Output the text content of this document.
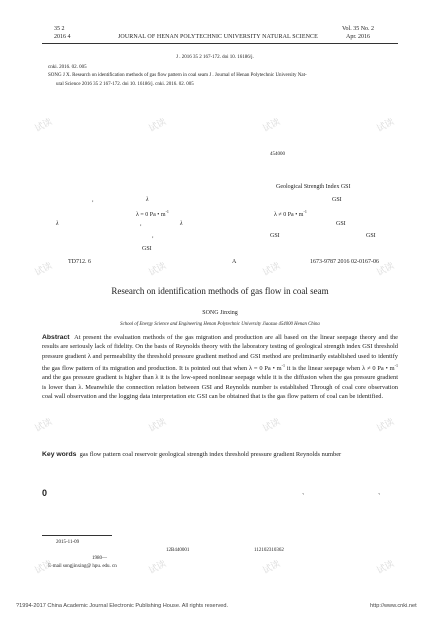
35 2
2016 4	JOURNAL OF HENAN POLYTECHNIC UNIVERSITY NATURAL SCIENCE
Vol. 35 No. 2
Apr. 2016
J . 2016 35 2 167-172. doi 10. 16186/j.
cnki. 2016. 02. 005
SONG J X. Research on identification methods of gas flow pattern in coal seam J . Journal of Henan Polytechnic University Nat-
ural Science 2016 35 2 167-172. doi 10. 16186/j. cnki. 2016. 02. 005
454000
Geological Strength Index GSI
,	λ	GSI
λ = 0 Pa • $m^{-1}$
λ ≠ 0 Pa • $m^{-1}$
λ	,	λ	GSI
,	GSI	GSI
GSI
TD712. 6	A	1673-9787 2016 02-0167-06
Research on identification methods of gas flow in coal seam
SONG Jinxing
School of Energy Science and Engineering Henan Polytechnic University Jiaozuo 454000 Henan China
Abstract At present the evaluation methods of the gas migration and production are all based on the linear seepage theory and the results are seriously lack of fidelity. On the basis of Reynolds theory with the laboratory testing of geological strength index GSI threshold pressure gradient λ and permeability the threshold pressure gradient method and GSI method are preliminarily established used to identify the gas flow pattern of its migration and production. It is pointed out that when λ = 0 Pa • $m^{-1}$ it is the linear seepage when λ ≠ 0 Pa • $m^{-1}$ and the gas pressure gradient is higher than λ it is the low-speed nonlinear seepage while it is the diffusion when the gas pressure gradient is lower than λ. Meanwhile the connection relation between GSI and Reynolds number is established Through of coal core observation coal wall observation and the logging data interpretation etc GSI can be obtained that is the gas flow pattern of coal can be identified.
Key words gas flow pattern coal reservoir geological strength index threshold pressure gradient Reynolds number
0	、	、
2015-11-09
12B440001	112102310362
1980—
E-mail songjinxing@ hpu. edu. cn
?1994-2017 China Academic Journal Electronic Publishing House. All rights reserved.	http://www.cnki.net
试读	试读	试读	试读
试读	试读	试读	试读
试读	试读	试读	试读
试读	试读	试读	试读
